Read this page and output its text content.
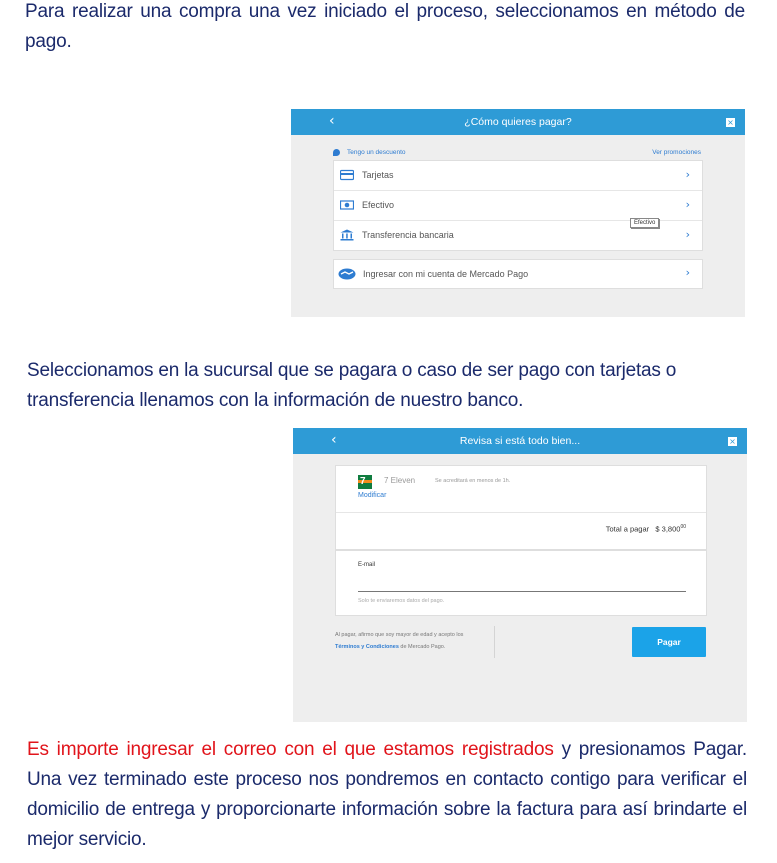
Para realizar una compra una vez iniciado el proceso, seleccionamos en método de pago.

‹	¿Cómo quieres pagar?	×
Tengo un descuento	Ver promociones
Tarjetas	›
Efectivo	›
Transferencia bancaria	›
Efectivo
Ingresar con mi cuenta de Mercado Pago	›

Seleccionamos en la sucursal que se pagara o caso de ser pago con tarjetas o transferencia llenamos con la información de nuestro banco.

‹	Revisa si está todo bien...	×
7 7 Eleven	Se acreditará en menos de 1h.
Modificar
Total a pagar $ 3,800$^{00}$
E-mail
Solo te enviaremos datos del pago.
Al pagar, afirmo que soy mayor de edad y acepto los Términos y Condiciones de Mercado Pago.	Pagar

Es importe ingresar el correo con el que estamos registrados y presionamos Pagar. Una vez terminado este proceso nos pondremos en contacto contigo para verificar el domicilio de entrega y proporcionarte información sobre la factura para así brindarte el mejor servicio.
